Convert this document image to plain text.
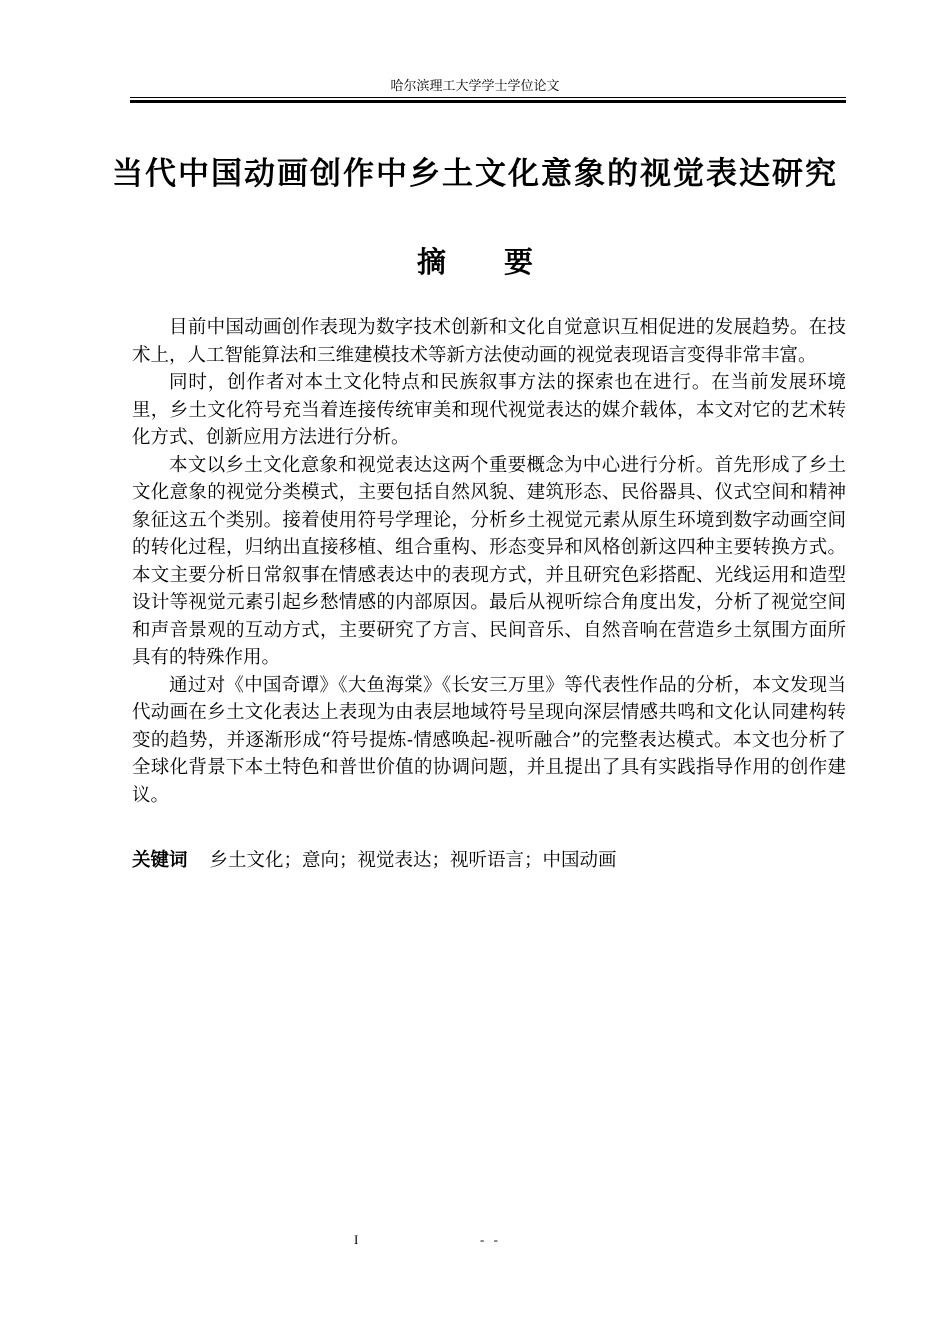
哈尔滨理工大学学士学位论文
当代中国动画创作中乡土文化意象的视觉表达研究
摘 要

目前中国动画创作表现为数字技术创新和文化自觉意识互相促进的发展趋势。在技术上，人工智能算法和三维建模技术等新方法使动画的视觉表现语言变得非常丰富。

同时，创作者对本土文化特点和民族叙事方法的探索也在进行。在当前发展环境里，乡土文化符号充当着连接传统审美和现代视觉表达的媒介载体，本文对它的艺术转化方式、创新应用方法进行分析。

本文以乡土文化意象和视觉表达这两个重要概念为中心进行分析。首先形成了乡土文化意象的视觉分类模式，主要包括自然风貌、建筑形态、民俗器具、仪式空间和精神象征这五个类别。接着使用符号学理论，分析乡土视觉元素从原生环境到数字动画空间的转化过程，归纳出直接移植、组合重构、形态变异和风格创新这四种主要转换方式。本文主要分析日常叙事在情感表达中的表现方式，并且研究色彩搭配、光线运用和造型设计等视觉元素引起乡愁情感的内部原因。最后从视听综合角度出发，分析了视觉空间和声音景观的互动方式，主要研究了方言、民间音乐、自然音响在营造乡土氛围方面所具有的特殊作用。

通过对《中国奇谭》《大鱼海棠》《长安三万里》等代表性作品的分析，本文发现当代动画在乡土文化表达上表现为由表层地域符号呈现向深层情感共鸣和文化认同建构转变的趋势，并逐渐形成“符号提炼-情感唤起-视听融合”的完整表达模式。本文也分析了全球化背景下本土特色和普世价值的协调问题，并且提出了具有实践指导作用的创作建议。

关键词 乡土文化；意向；视觉表达；视听语言；中国动画
I	- -
